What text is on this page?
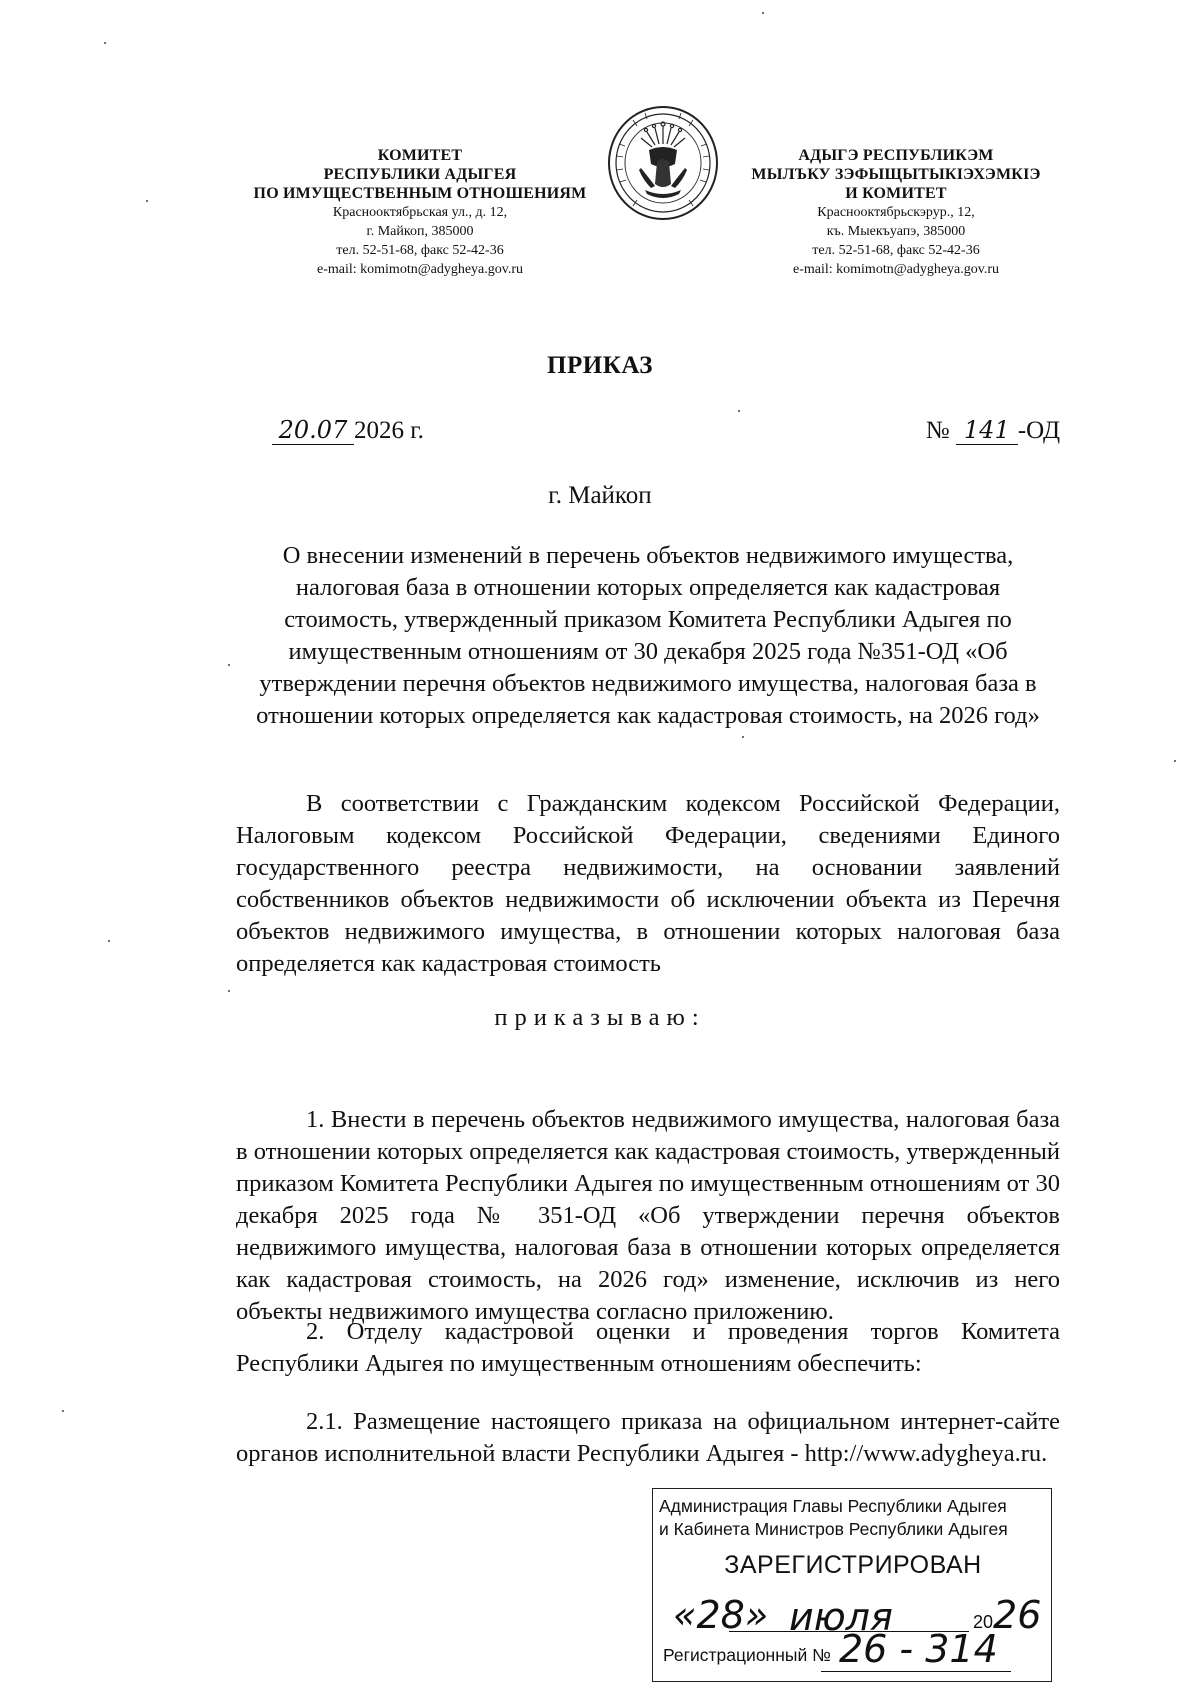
КОМИТЕТ
РЕСПУБЛИКИ АДЫГЕЯ
ПО ИМУЩЕСТВЕННЫМ ОТНОШЕНИЯМ
Краснооктябрьская ул., д. 12,
г. Майкоп, 385000
тел. 52-51-68, факс 52-42-36
e-mail: komimotn@adygheya.gov.ru
АДЫГЭ РЕСПУБЛИКЭМ
МЫЛЪКУ ЗЭФЫЩЫТЫКІЭХЭМКІЭ
И КОМИТЕТ
Краснооктябрьскэрур., 12,
къ. Мыекъуапэ, 385000
тел. 52-51-68, факс 52-42-36
e-mail: komimotn@adygheya.gov.ru
ПРИКАЗ
20.07 2026 г.	№ 141 -ОД
г. Майкоп
О внесении изменений в перечень объектов недвижимого имущества, налоговая база в отношении которых определяется как кадастровая стоимость, утвержденный приказом Комитета Республики Адыгея по имущественным отношениям от 30 декабря 2025 года №351-ОД «Об утверждении перечня объектов недвижимого имущества, налоговая база в отношении которых определяется как кадастровая стоимость, на 2026 год»
В соответствии с Гражданским кодексом Российской Федерации, Налоговым кодексом Российской Федерации, сведениями Единого государственного реестра недвижимости, на основании заявлений собственников объектов недвижимости об исключении объекта из Перечня объектов недвижимого имущества, в отношении которых налоговая база определяется как кадастровая стоимость
приказываю:
1. Внести в перечень объектов недвижимого имущества, налоговая база в отношении которых определяется как кадастровая стоимость, утвержденный приказом Комитета Республики Адыгея по имущественным отношениям от 30 декабря 2025 года № 351-ОД «Об утверждении перечня объектов недвижимого имущества, налоговая база в отношении которых определяется как кадастровая стоимость, на 2026 год» изменение, исключив из него объекты недвижимого имущества согласно приложению.
2. Отделу кадастровой оценки и проведения торгов Комитета Республики Адыгея по имущественным отношениям обеспечить:
2.1. Размещение настоящего приказа на официальном интернет-сайте органов исполнительной власти Республики Адыгея - http://www.adygheya.ru.
Администрация Главы Республики Адыгея
и Кабинета Министров Республики Адыгея
ЗАРЕГИСТРИРОВАН
«28» июля	2026
Регистрационный № 26 - 314
